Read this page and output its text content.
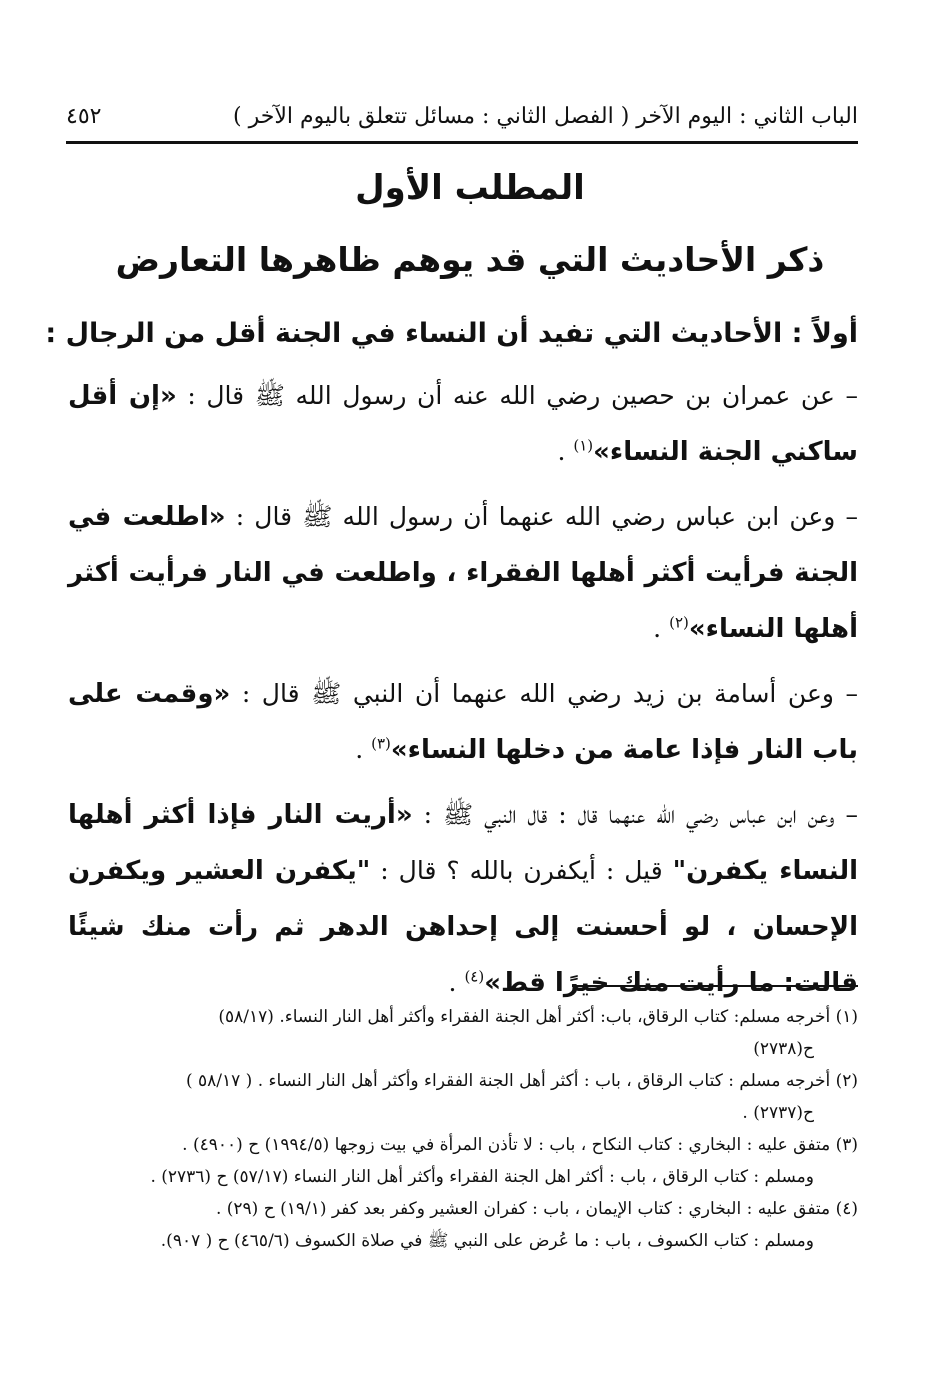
الباب الثاني : اليوم الآخر ( الفصل الثاني : مسائل تتعلق باليوم الآخر )
٤٥٢
المطلب الأول
ذكر الأحاديث التي قد يوهم ظاهرها التعارض
أولاً : الأحاديث التي تفيد أن النساء في الجنة أقل من الرجال :

– عن عمران بن حصين رضي الله عنه أن رسول الله ﷺ قال : «إن أقل ساكني الجنة النساء»$^{(١)}$ .

– وعن ابن عباس رضي الله عنهما أن رسول الله ﷺ قال : «اطلعت في الجنة فرأيت أكثر أهلها الفقراء ، واطلعت في النار فرأيت أكثر أهلها النساء»$^{(٢)}$ .

– وعن أسامة بن زيد رضي الله عنهما أن النبي ﷺ قال : «وقمت على باب النار فإذا عامة من دخلها النساء»$^{(٣)}$ .

– وعن ابن عباس رضي الله عنهما قال : قال النبي ﷺ : «أريت النار فإذا أكثر أهلها النساء يكفرن" قيل : أيكفرن بالله ؟ قال : "يكفرن العشير ويكفرن الإحسان ، لو أحسنت إلى إحداهن الدهر ثم رأت منك شيئًا قالت: ما رأيت منك خيرًا قط»$^{(٤)}$ .

(١) أخرجه مسلم: كتاب الرقاق، باب: أكثر أهل الجنة الفقراء وأكثر أهل النار النساء. (٥٨/١٧)
ح(٢٧٣٨)

(٢) أخرجه مسلم : كتاب الرقاق ، باب : أكثر أهل الجنة الفقراء وأكثر أهل النار النساء . ( ٥٨/١٧ )
ح(٢٧٣٧) .

(٣) متفق عليه : البخاري : كتاب النكاح ، باب : لا تأذن المرأة في بيت زوجها (١٩٩٤/٥) ح (٤٩٠٠) .
ومسلم : كتاب الرقاق ، باب : أكثر اهل الجنة الفقراء وأكثر أهل النار النساء (٥٧/١٧) ح (٢٧٣٦) .

(٤) متفق عليه : البخاري : كتاب الإيمان ، باب : كفران العشير وكفر بعد كفر (١٩/١) ح (٢٩) .
ومسلم : كتاب الكسوف ، باب : ما عُرض على النبي ﷺ في صلاة الكسوف (٤٦٥/٦) ح ( ٩٠٧).
